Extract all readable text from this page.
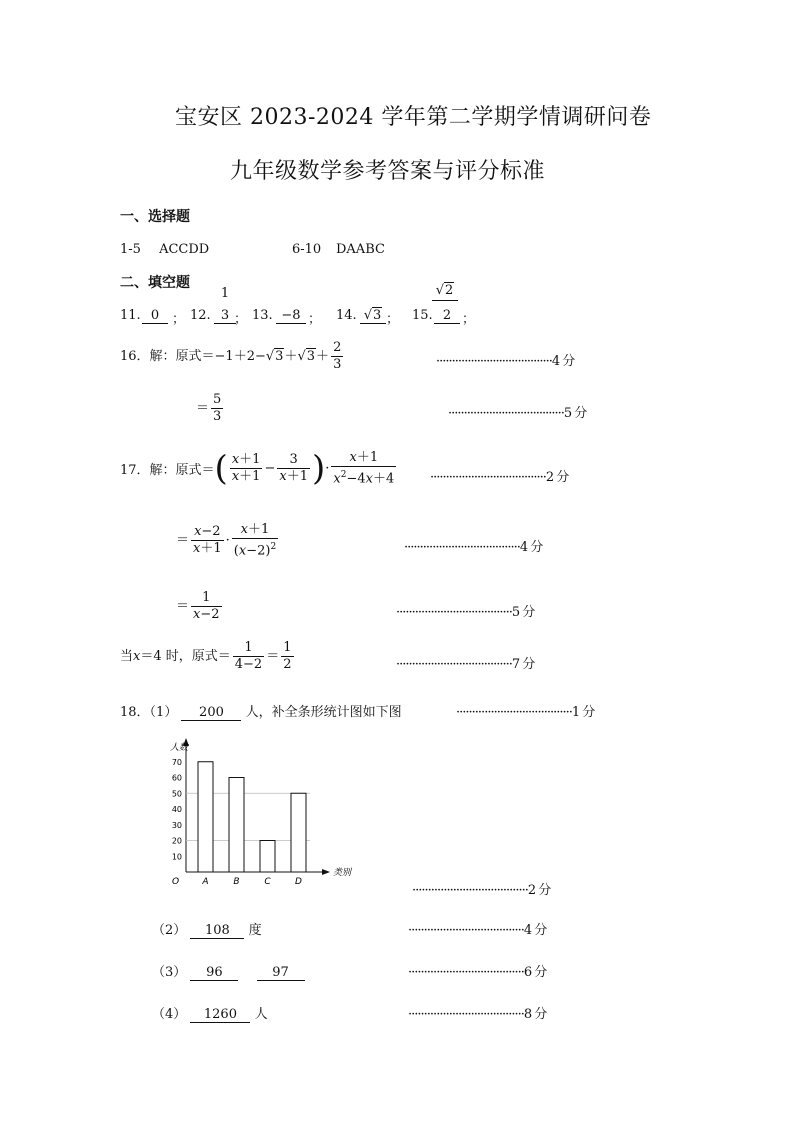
宝安区 2023-2024 学年第二学期学情调研问卷
九年级数学参考答案与评分标准
一、选择题
1-5 ACCDD	6-10 DAABC
二、填空题
11. 0 ； 12.
1
3 ； 13. −8 ； 14. √3 ； 15.
√2
2 ；
16．解：原式$=-1+2-√3+√3+ \frac{2}{3}$	·····································4 分
＝ $\frac{5}{3}$	·····································5 分
17．解：原式＝( $\frac{x+1}{x+1} - \frac{3}{x+1}$ )· $\frac{x+1}{x^2-4x+4}$	·····································2 分
＝ $\frac{x-2}{x+1} \cdot \frac{x+1}{(x-2)^2}$	·····································4 分
＝ $\frac{1}{x-2}$	·····································5 分
当x＝4 时，原式＝ $\frac{1}{4-2} = \frac{1}{2}$	·····································7 分
18．（1） 200 人，补全条形统计图如下图	·····································1 分
人数
类别
O
10
20
30
40
50
60
70
A	B	C	D
·····································2 分
（2） 108 度	·····································4 分
（3） 96	97	·····································6 分
（4） 1260 人	·····································8 分
